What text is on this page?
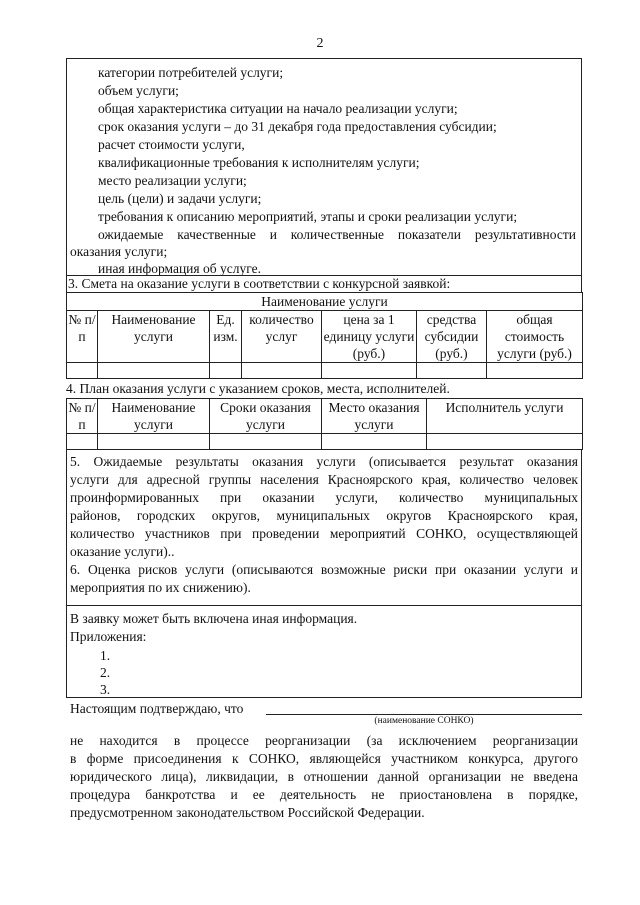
2
категории потребителей услуги;
объем услуги;
общая характеристика ситуации на начало реализации услуги;
срок оказания услуги – до 31 декабря года предоставления субсидии;
расчет стоимости услуги,
квалификационные требования к исполнителям услуги;
место реализации услуги;
цель (цели) и задачи услуги;
требования к описанию мероприятий, этапы и сроки реализации услуги;
ожидаемые качественные и количественные показатели результативности
оказания услуги;
иная информация об услуге.
3. Смета на оказание услуги в соответствии с конкурсной заявкой:
Наименование услуги						
№ п/п	Наименование услуги	Ед. изм.	количество услуг	цена за 1 единицу услуги (руб.)	средства субсидии (руб.)	общая стоимость услуги (руб.)

4. План оказания услуги с указанием сроков, места, исполнителей.
№ п/п	Наименование услуги	Сроки оказания услуги	Место оказания услуги	Исполнитель услуги

5. Ожидаемые результаты оказания услуги (описывается результат оказания
услуги для адресной группы населения Красноярского края, количество человек
проинформированных при оказании услуги, количество муниципальных
районов, городских округов, муниципальных округов Красноярского края,
количество участников при проведении мероприятий СОНКО, осуществляющей
оказание услуги)..
6. Оценка рисков услуги (описываются возможные риски при оказании услуги и
мероприятия по их снижению).
В заявку может быть включена иная информация.
Приложения:
1.
2.
3.
Настоящим подтверждаю, что
(наименование СОНКО)
не находится в процессе реорганизации (за исключением реорганизации
в форме присоединения к СОНКО, являющейся участником конкурса, другого
юридического лица), ликвидации, в отношении данной организации не введена
процедура банкротства и ее деятельность не приостановлена в порядке,
предусмотренном законодательством Российской Федерации.
